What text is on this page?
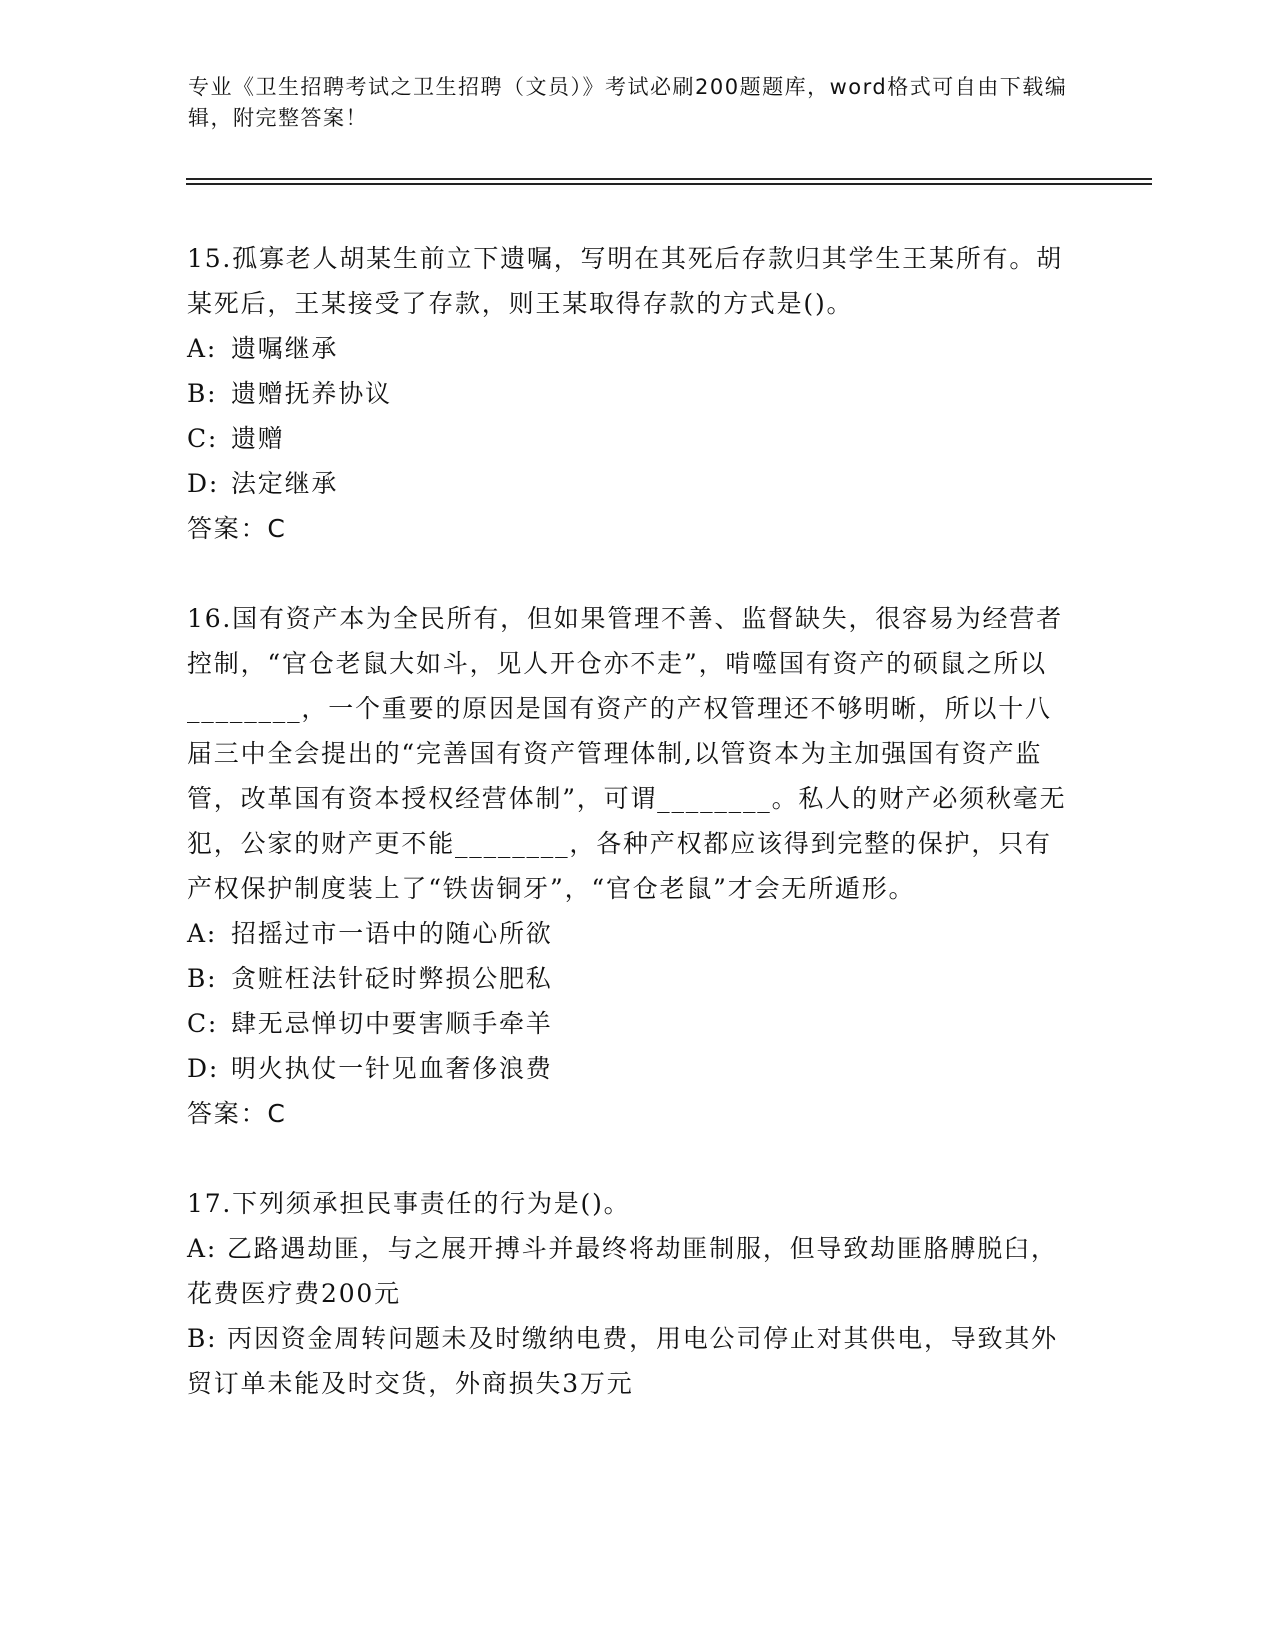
专业《卫生招聘考试之卫生招聘（文员）》考试必刷200题题库，word格式可自由下载编辑，附完整答案！

15.孤寡老人胡某生前立下遗嘱，写明在其死后存款归其学生王某所有。胡某死后，王某接受了存款，则王某取得存款的方式是()。

A: 遗嘱继承

B: 遗赠抚养协议

C: 遗赠

D: 法定继承

答案：C

16.国有资产本为全民所有，但如果管理不善、监督缺失，很容易为经营者控制，“官仓老鼠大如斗，见人开仓亦不走”，啃噬国有资产的硕鼠之所以________，一个重要的原因是国有资产的产权管理还不够明晰，所以十八届三中全会提出的“完善国有资产管理体制,以管资本为主加强国有资产监管，改革国有资本授权经营体制”，可谓________。私人的财产必须秋毫无犯，公家的财产更不能________，各种产权都应该得到完整的保护，只有产权保护制度装上了“铁齿铜牙”，“官仓老鼠”才会无所遁形。

A: 招摇过市一语中的随心所欲

B: 贪赃枉法针砭时弊损公肥私

C: 肆无忌惮切中要害顺手牵羊

D: 明火执仗一针见血奢侈浪费

答案：C

17.下列须承担民事责任的行为是()。

A: 乙路遇劫匪，与之展开搏斗并最终将劫匪制服，但导致劫匪胳膊脱臼，花费医疗费200元

B: 丙因资金周转问题未及时缴纳电费，用电公司停止对其供电，导致其外贸订单未能及时交货，外商损失3万元
